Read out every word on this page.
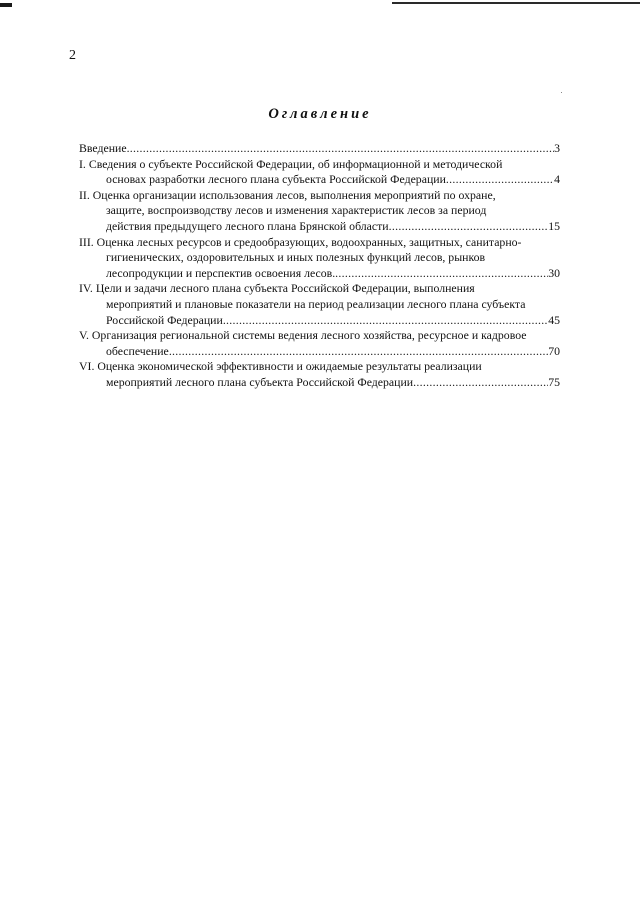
2
Оглавление
Введение .....	3
I. Сведения о субъекте Российской Федерации, об информационной и методической
основах разработки лесного плана субъекта Российской Федерации .....	4
II. Оценка организации использования лесов, выполнения мероприятий по охране,
защите, воспроизводству лесов и изменения характеристик лесов за период
действия предыдущего лесного плана Брянской области .....	15
III. Оценка лесных ресурсов и средообразующих, водоохранных, защитных, санитарно-
гигиенических, оздоровительных и иных полезных функций лесов, рынков
лесопродукции и перспектив освоения лесов. .....	30
IV. Цели и задачи лесного плана субъекта Российской Федерации, выполнения
мероприятий и плановые показатели на период реализации лесного плана субъекта
Российской Федерации .....	45
V. Организация региональной системы ведения лесного хозяйства, ресурсное и кадровое
обеспечение .....	70
VI. Оценка экономической эффективности и ожидаемые результаты реализации
мероприятий лесного плана субъекта Российской Федерации .....	75
